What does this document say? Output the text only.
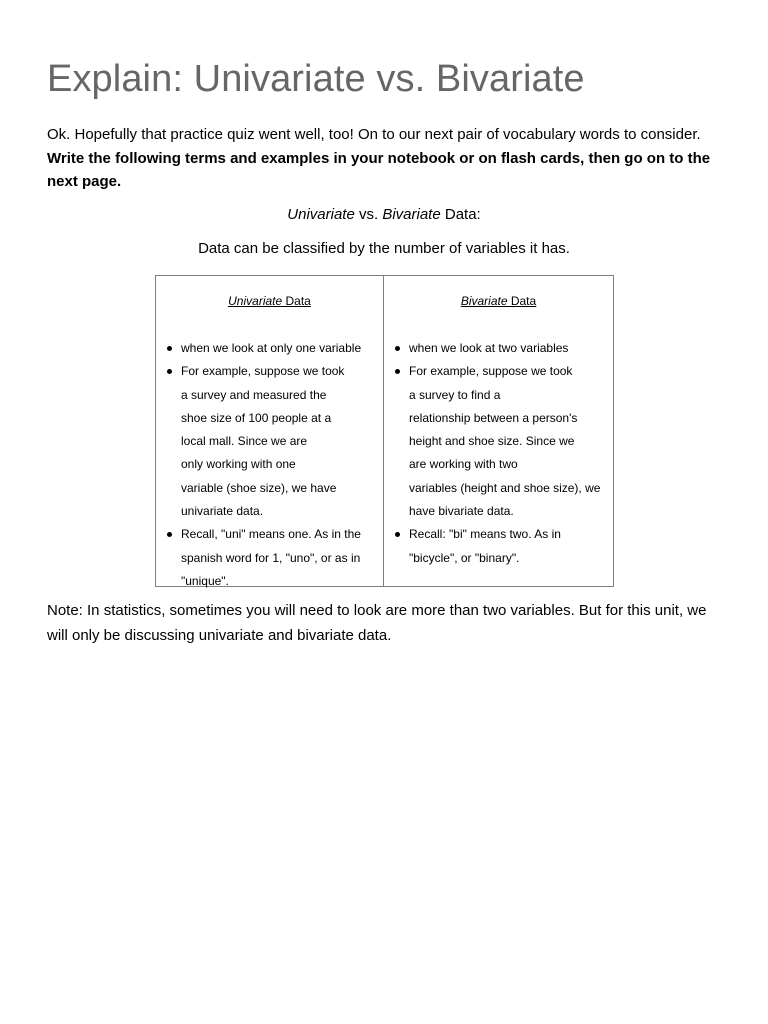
Explain: Univariate vs. Bivariate

Ok. Hopefully that practice quiz went well, too! On to our next pair of vocabulary words to consider.

Write the following terms and examples in your notebook or on flash cards, then go on to the next page.

Univariate vs. Bivariate Data:

Data can be classified by the number of variables it has.

Univariate Data

when we look at only one variable
For example, suppose we took
a survey and measured the
shoe size of 100 people at a
local mall. Since we are
only working with one
variable (shoe size), we have
univariate data.
Recall, "uni" means one. As in the
spanish word for 1, "uno", or as in
"unique".

Bivariate Data

when we look at two variables
For example, suppose we took
a survey to find a
relationship between a person's
height and shoe size. Since we
are working with two
variables (height and shoe size), we
have bivariate data.
Recall: "bi" means two. As in
"bicycle", or "binary".

Note: In statistics, sometimes you will need to look are more than two variables. But for this unit, we will only be discussing univariate and bivariate data.
